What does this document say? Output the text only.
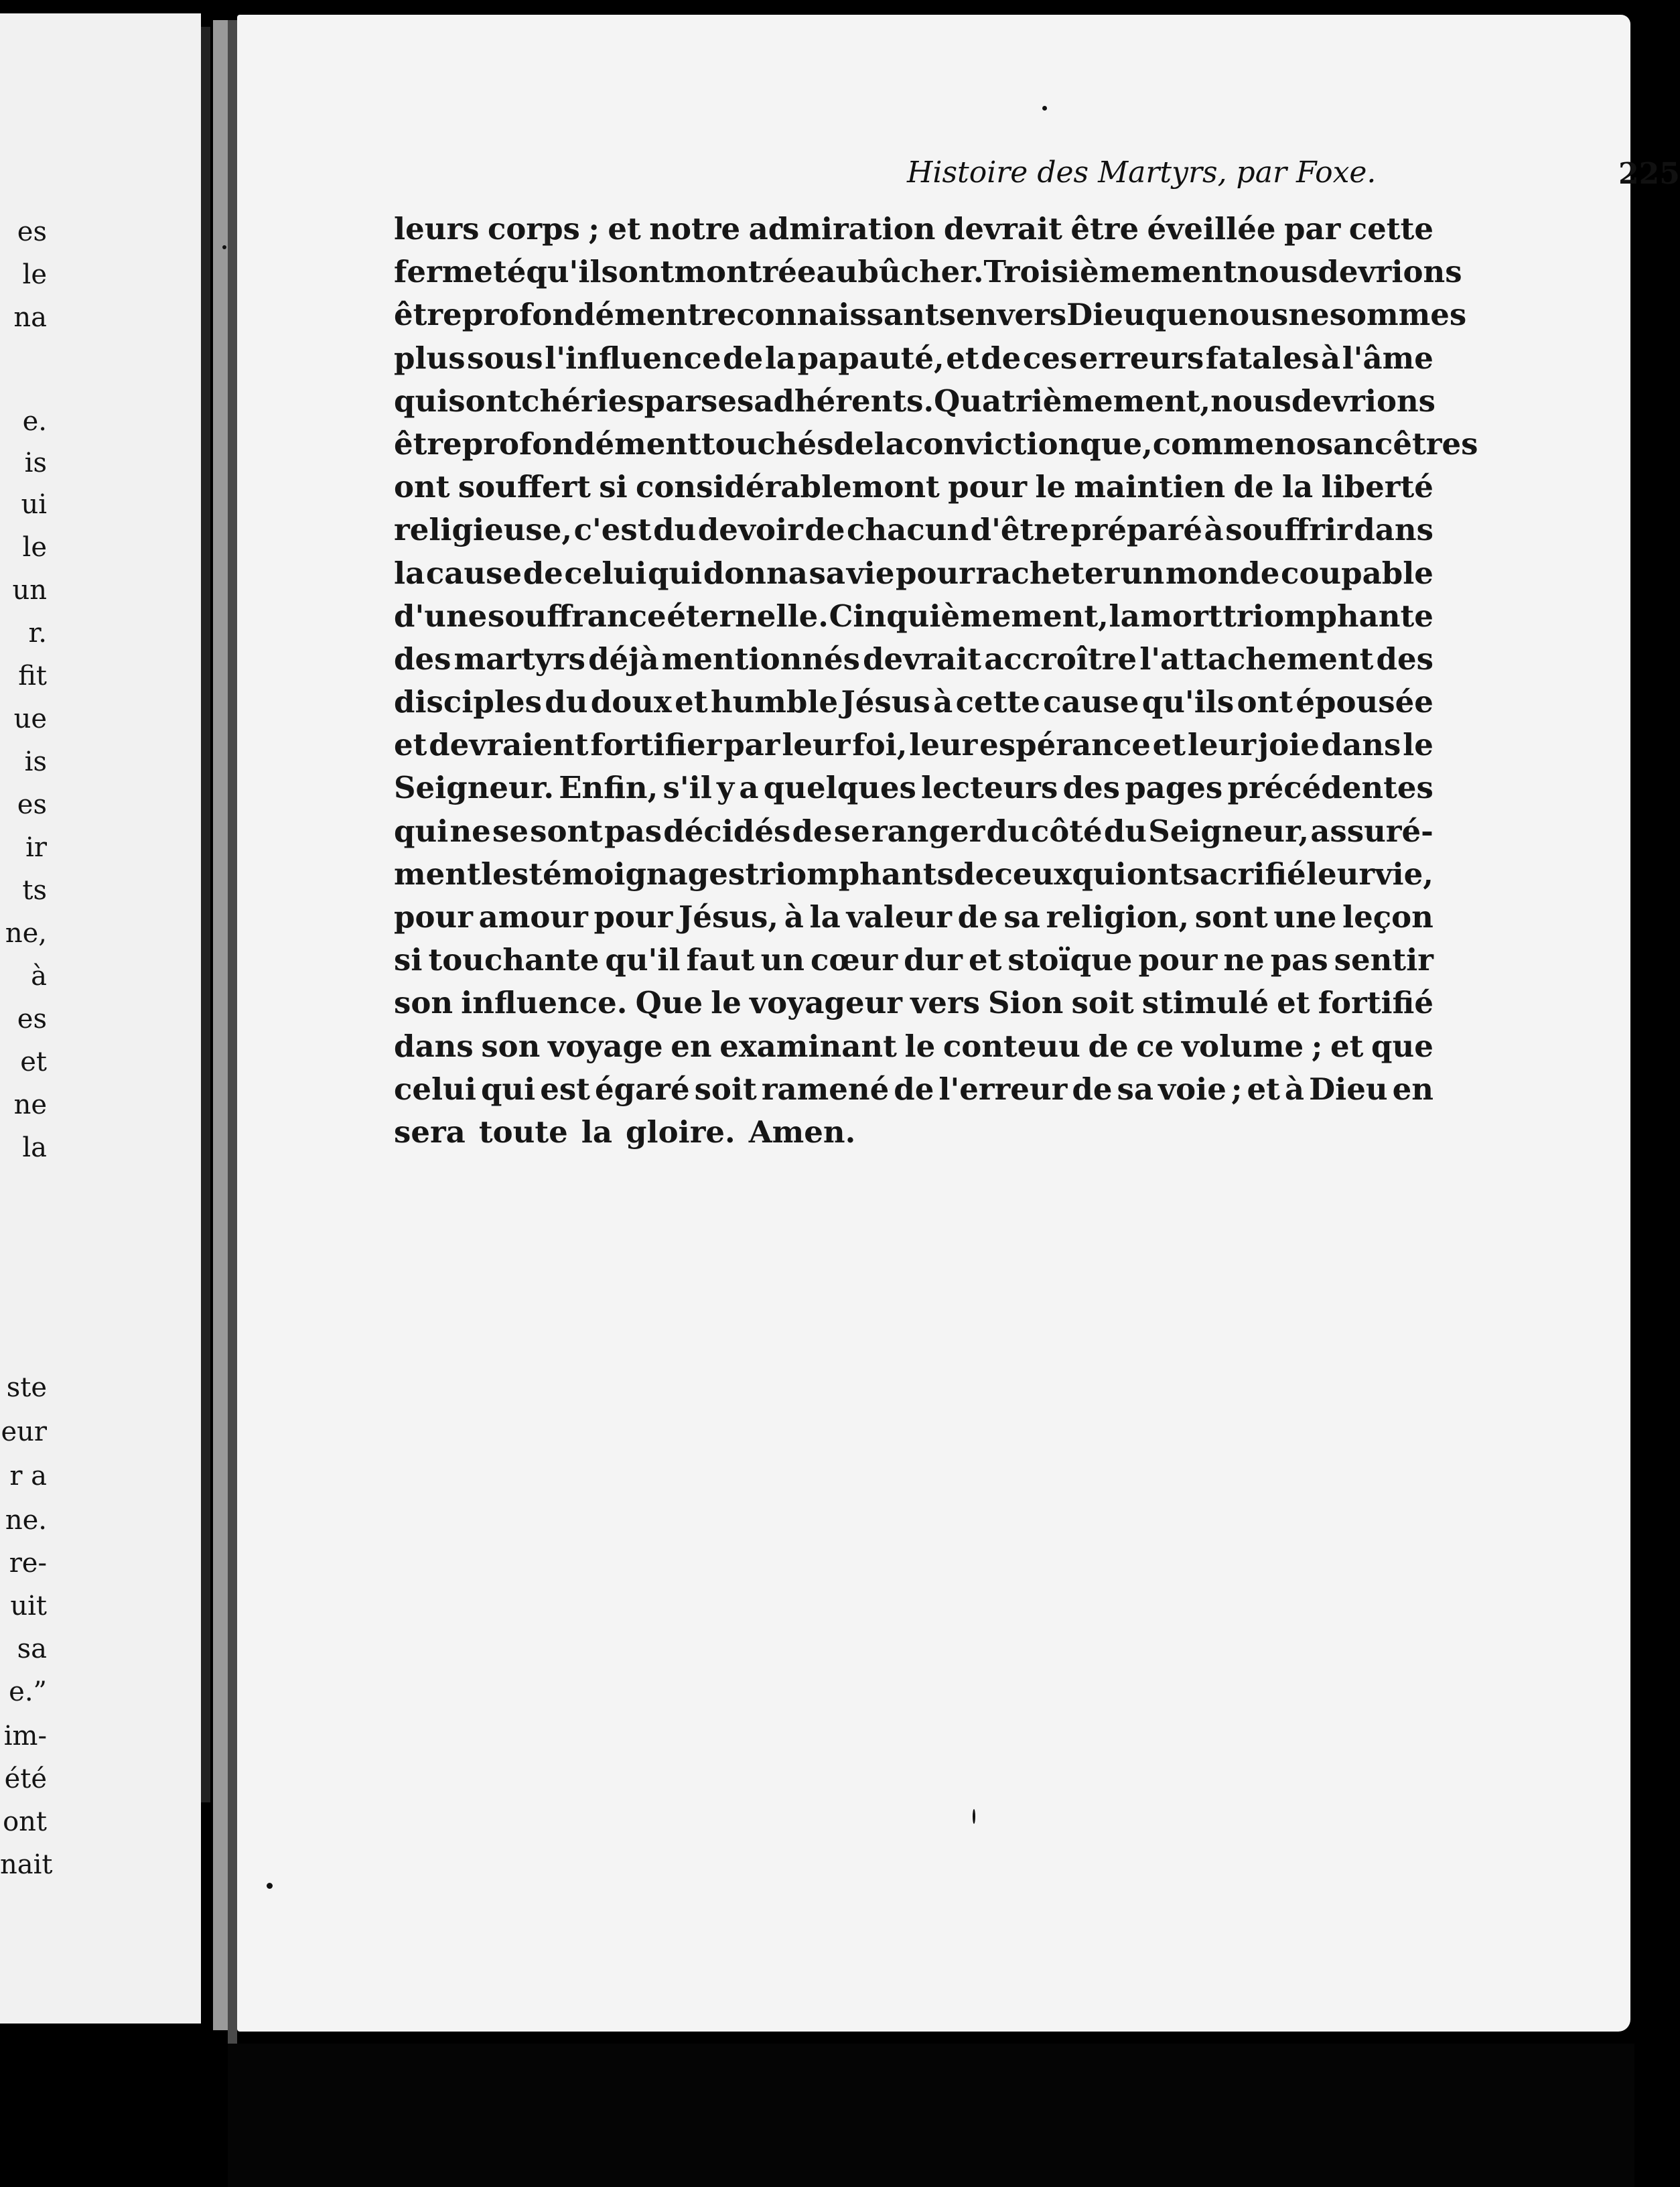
es
le
na
e.
is
ui
le
un
r.
fit
ue
is
es
ir
ts
ne,
à
es
et
ne
la
ste
eur
r a
ne.
re-
uit
sa
e.”
im-
été
ont
nait
Histoire des Martyrs, par Foxe.	225
leurs corps ; et notre admiration devrait être éveillée par cette
fermeté qu'ils ont montrée au bûcher. Troisièmement nous devrions
être profondément reconnaissants envers Dieu que nous ne sommes
plus sous l'influence de la papauté, et de ces erreurs fatales à l'âme
qui sont chéries par ses adhérents. Quatrièmement, nous devrions
être profondément touchés de la conviction que, comme nos ancêtres
ont souffert si considérablemont pour le maintien de la liberté
religieuse, c'est du devoir de chacun d'être préparé à souffrir dans
la cause de celui qui donna sa vie pour racheter un monde coupable
d'une souffrance éternelle. Cinquièmement, la mort triomphante
des martyrs déjà mentionnés devrait accroître l'attachement des
disciples du doux et humble Jésus à cette cause qu'ils ont épousée
et devraient fortifier par leur foi, leur espérance et leur joie dans le
Seigneur. Enfin, s'il y a quelques lecteurs des pages précédentes
qui ne se sont pas décidés de se ranger du côté du Seigneur, assuré-
ment les témoignages triomphants de ceux qui ont sacrifié leur vie,
pour amour pour Jésus, à la valeur de sa religion, sont une leçon
si touchante qu'il faut un cœur dur et stoïque pour ne pas sentir
son influence. Que le voyageur vers Sion soit stimulé et fortifié
dans son voyage en examinant le conteuu de ce volume ; et que
celui qui est égaré soit ramené de l'erreur de sa voie ; et à Dieu en
sera toute la gloire. Amen.
